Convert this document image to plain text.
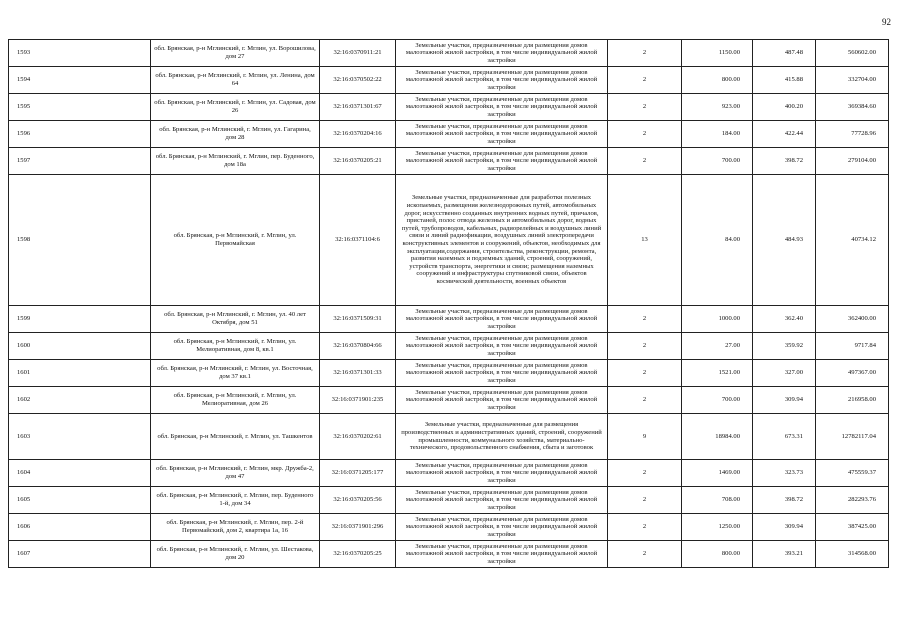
92
1593	обл. Брянская, р-н Мглинский, г. Мглин, ул. Ворошилова, дом 27	32:16:0370911:21	Земельные участки, предназначенные для размещения домов малоэтажной жилой застройки, в том числе индивидуальной жилой застройки	2	1150.00	487.48	560602.00
1594	обл. Брянская, р-н Мглинский, г. Мглин, ул. Ленина, дом 64	32:16:0370502:22	Земельные участки, предназначенные для размещения домов малоэтажной жилой застройки, в том числе индивидуальной жилой застройки	2	800.00	415.88	332704.00
1595	обл. Брянская, р-н Мглинский, г. Мглин, ул. Садовая, дом 26	32:16:0371301:67	Земельные участки, предназначенные для размещения домов малоэтажной жилой застройки, в том числе индивидуальной жилой застройки	2	923.00	400.20	369384.60
1596	обл. Брянская, р-н Мглинский, г. Мглин, ул. Гагарина, дом 28	32:16:0370204:16	Земельные участки, предназначенные для размещения домов малоэтажной жилой застройки, в том числе индивидуальной жилой застройки	2	184.00	422.44	77728.96
1597	обл. Брянская, р-н Мглинский, г. Мглин, пер. Буденного, дом 18а	32:16:0370205:21	Земельные участки, предназначенные для размещения домов малоэтажной жилой застройки, в том числе индивидуальной жилой застройки	2	700.00	398.72	279104.00
1598	обл. Брянская, р-н Мглинский, г. Мглин, ул. Первомайская	32:16:0371104:6	Земельные участки, предназначенные для разработки полезных ископаемых, размещения железнодорожных путей, автомобильных дорог, искусственно созданных внутренних водных путей, причалов, пристаней, полос отвода железных и автомобильных дорог, водных путей, трубопроводов, кабельных, радиорелейных и воздушных линий связи и линий радиофикации, воздушных линий электропередачи конструктивных элементов и сооружений, объектов, необходимых для эксплуатации,содержания, строительства, реконструкции, ремонта, развития наземных и подземных зданий, строений, сооружений, устройств транспорта, энергетики и связи; размещения наземных сооружений и инфраструктуры спутниковой связи, объектов космической деятельности, военных объектов	13	84.00	484.93	40734.12
1599	обл. Брянская, р-н Мглинский, г. Мглин, ул. 40 лет Октября, дом 51	32:16:0371509:31	Земельные участки, предназначенные для размещения домов малоэтажной жилой застройки, в том числе индивидуальной жилой застройки	2	1000.00	362.40	362400.00
1600	обл. Брянская, р-н Мглинский, г. Мглин, ул. Мелиоративная, дом 8, кв.1	32:16:0370804:66	Земельные участки, предназначенные для размещения домов малоэтажной жилой застройки, в том числе индивидуальной жилой застройки	2	27.00	359.92	9717.84
1601	обл. Брянская, р-н Мглинский, г. Мглин, ул. Восточная, дом 37 кв.1	32:16:0371301:33	Земельные участки, предназначенные для размещения домов малоэтажной жилой застройки, в том числе индивидуальной жилой застройки	2	1521.00	327.00	497367.00
1602	обл. Брянская, р-н Мглинский, г. Мглин, ул. Мелиоративная, дом 26	32:16:0371901:235	Земельные участки, предназначенные для размещения домов малоэтажной жилой застройки, в том числе индивидуальной жилой застройки	2	700.00	309.94	216958.00
1603	обл. Брянская, р-н Мглинский, г. Мглин, ул. Ташкентов	32:16:0370202:61	Земельные участки, предназначенные для размещения производственных и административных зданий, строений, сооружений промышленности, коммунального хозяйства, материально-технического, продовольственного снабжения, сбыта и заготовок	9	18984.00	673.31	12782117.04
1604	обл. Брянская, р-н Мглинский, г. Мглин, мкр. Дружба-2, дом 47	32:16:0371205:177	Земельные участки, предназначенные для размещения домов малоэтажной жилой застройки, в том числе индивидуальной жилой застройки	2	1469.00	323.73	475559.37
1605	обл. Брянская, р-н Мглинский, г. Мглин, пер. Буденного 1-й, дом 34	32:16:0370205:56	Земельные участки, предназначенные для размещения домов малоэтажной жилой застройки, в том числе индивидуальной жилой застройки	2	708.00	398.72	282293.76
1606	обл. Брянская, р-н Мглинский, г. Мглин, пер. 2-й Первомайский, дом 2, квартира 1а, 16	32:16:0371901:296	Земельные участки, предназначенные для размещения домов малоэтажной жилой застройки, в том числе индивидуальной жилой застройки	2	1250.00	309.94	387425.00
1607	обл. Брянская, р-н Мглинский, г. Мглин, ул. Шестакова, дом 20	32:16:0370205:25	Земельные участки, предназначенные для размещения домов малоэтажной жилой застройки, в том числе индивидуальной жилой застройки	2	800.00	393.21	314568.00
